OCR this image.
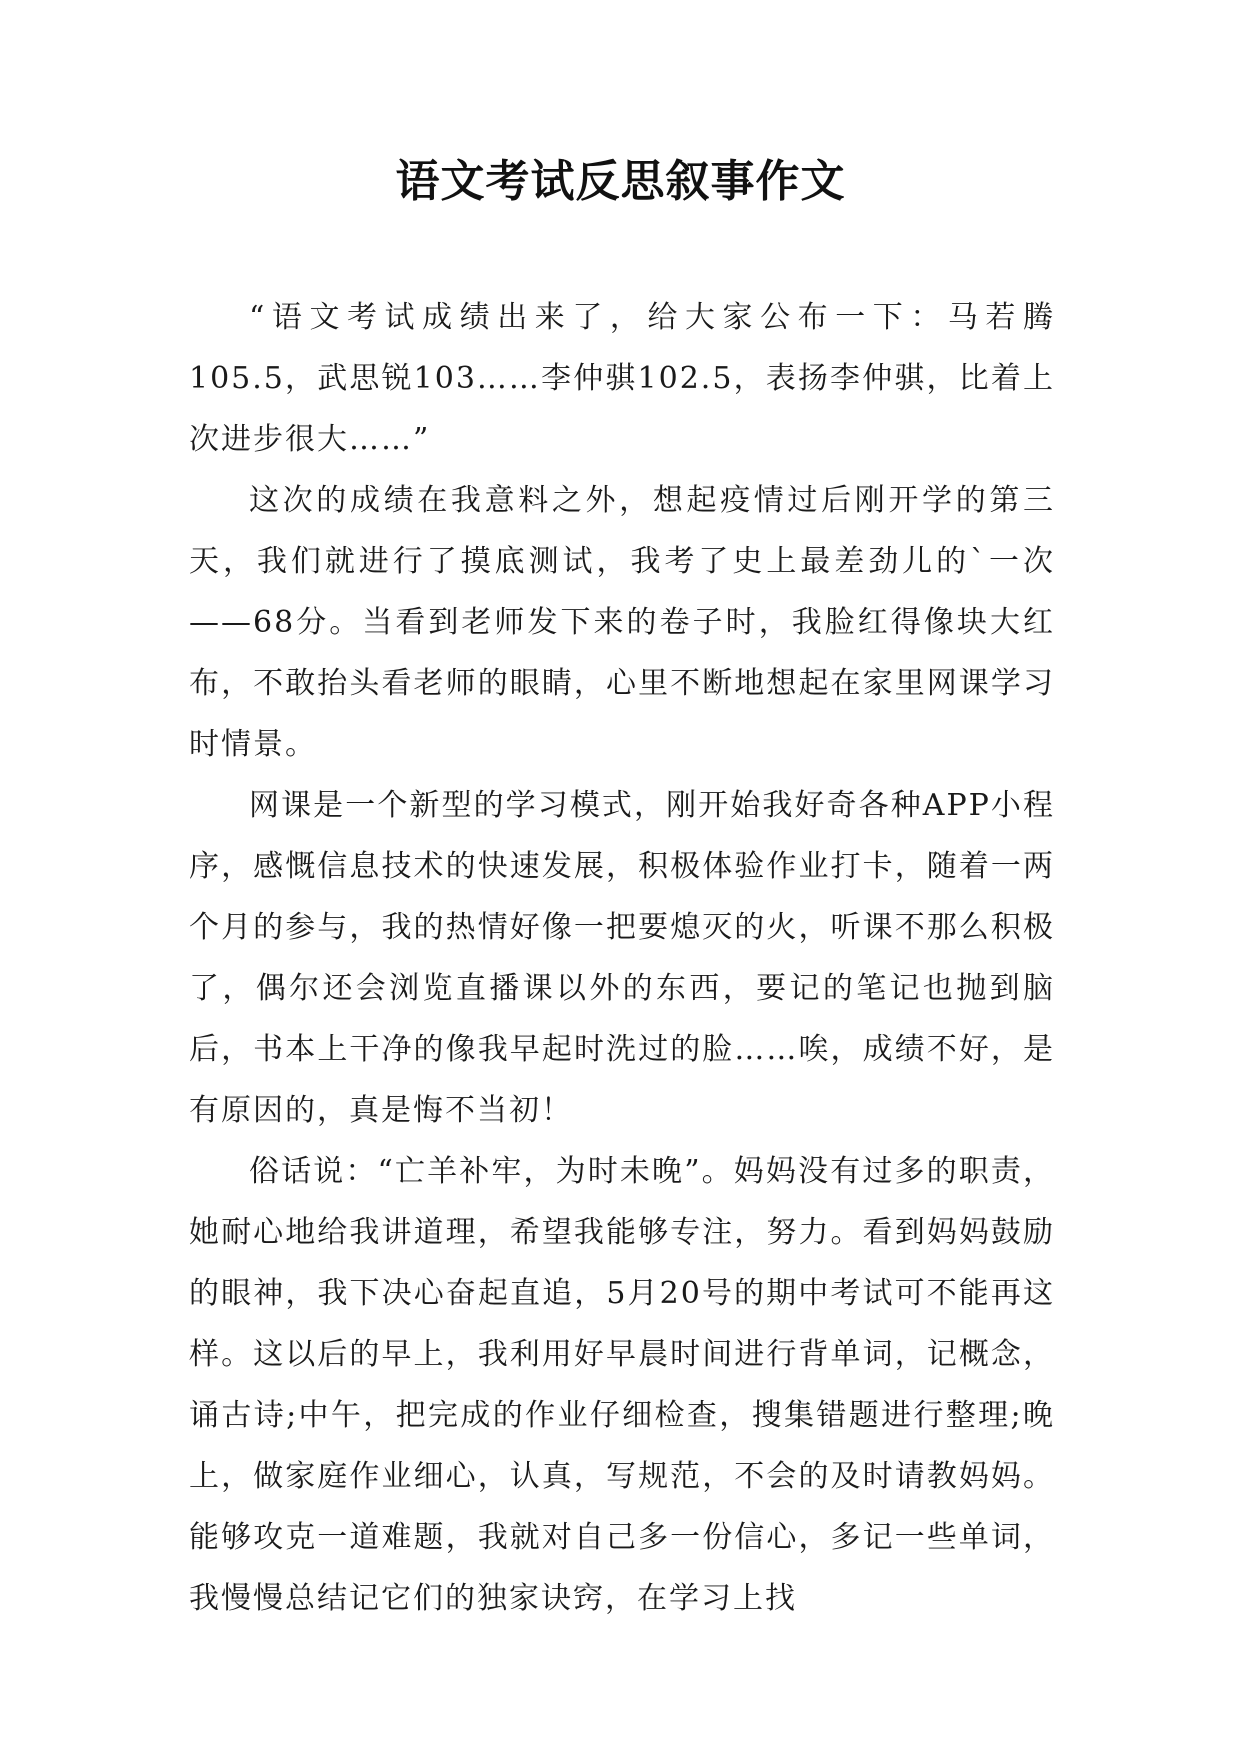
语文考试反思叙事作文

“语文考试成绩出来了，给大家公布一下：马若腾105.5，武思锐103……李仲骐102.5，表扬李仲骐，比着上次进步很大……”

这次的成绩在我意料之外，想起疫情过后刚开学的第三天，我们就进行了摸底测试，我考了史上最差劲儿的`一次——68分。当看到老师发下来的卷子时，我脸红得像块大红布，不敢抬头看老师的眼睛，心里不断地想起在家里网课学习时情景。

网课是一个新型的学习模式，刚开始我好奇各种APP小程序，感慨信息技术的快速发展，积极体验作业打卡，随着一两个月的参与，我的热情好像一把要熄灭的火，听课不那么积极了，偶尔还会浏览直播课以外的东西，要记的笔记也抛到脑后，书本上干净的像我早起时洗过的脸……唉，成绩不好，是有原因的，真是悔不当初！

俗话说：“亡羊补牢，为时未晚”。妈妈没有过多的职责，她耐心地给我讲道理，希望我能够专注，努力。看到妈妈鼓励的眼神，我下决心奋起直追，5月20号的期中考试可不能再这样。这以后的早上，我利用好早晨时间进行背单词，记概念，诵古诗;中午，把完成的作业仔细检查，搜集错题进行整理;晚上，做家庭作业细心，认真，写规范，不会的及时请教妈妈。能够攻克一道难题，我就对自己多一份信心，多记一些单词，我慢慢总结记它们的独家诀窍，在学习上找
